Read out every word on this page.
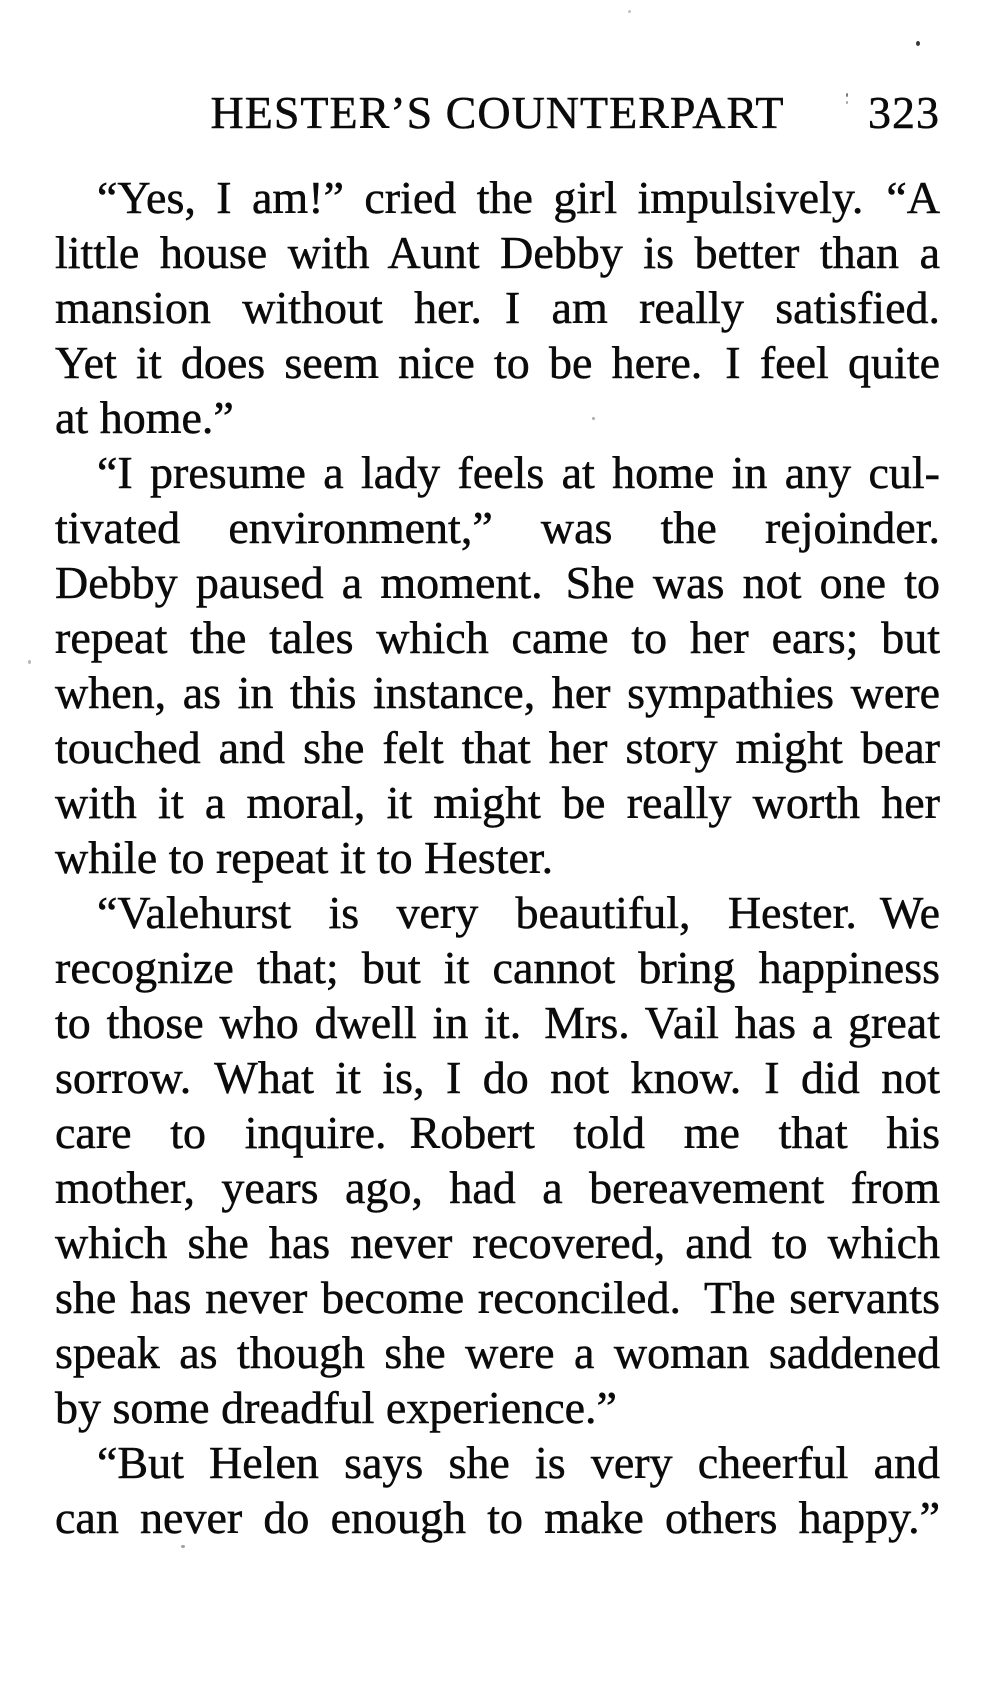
HESTER’S COUNTERPART	323
“Yes, I am!” cried the girl impulsively. “A
little house with Aunt Debby is better than a
mansion without her. I am really satisfied.
Yet it does seem nice to be here. I feel quite
at home.”
“I presume a lady feels at home in any cul-
tivated environment,” was the rejoinder.
Debby paused a moment. She was not one to
repeat the tales which came to her ears; but
when, as in this instance, her sympathies were
touched and she felt that her story might bear
with it a moral, it might be really worth her
while to repeat it to Hester.
“Valehurst is very beautiful, Hester. We
recognize that; but it cannot bring happiness
to those who dwell in it. Mrs. Vail has a great
sorrow. What it is, I do not know. I did not
care to inquire. Robert told me that his
mother, years ago, had a bereavement from
which she has never recovered, and to which
she has never become reconciled. The servants
speak as though she were a woman saddened
by some dreadful experience.”
“But Helen says she is very cheerful and
can never do enough to make others happy.”
